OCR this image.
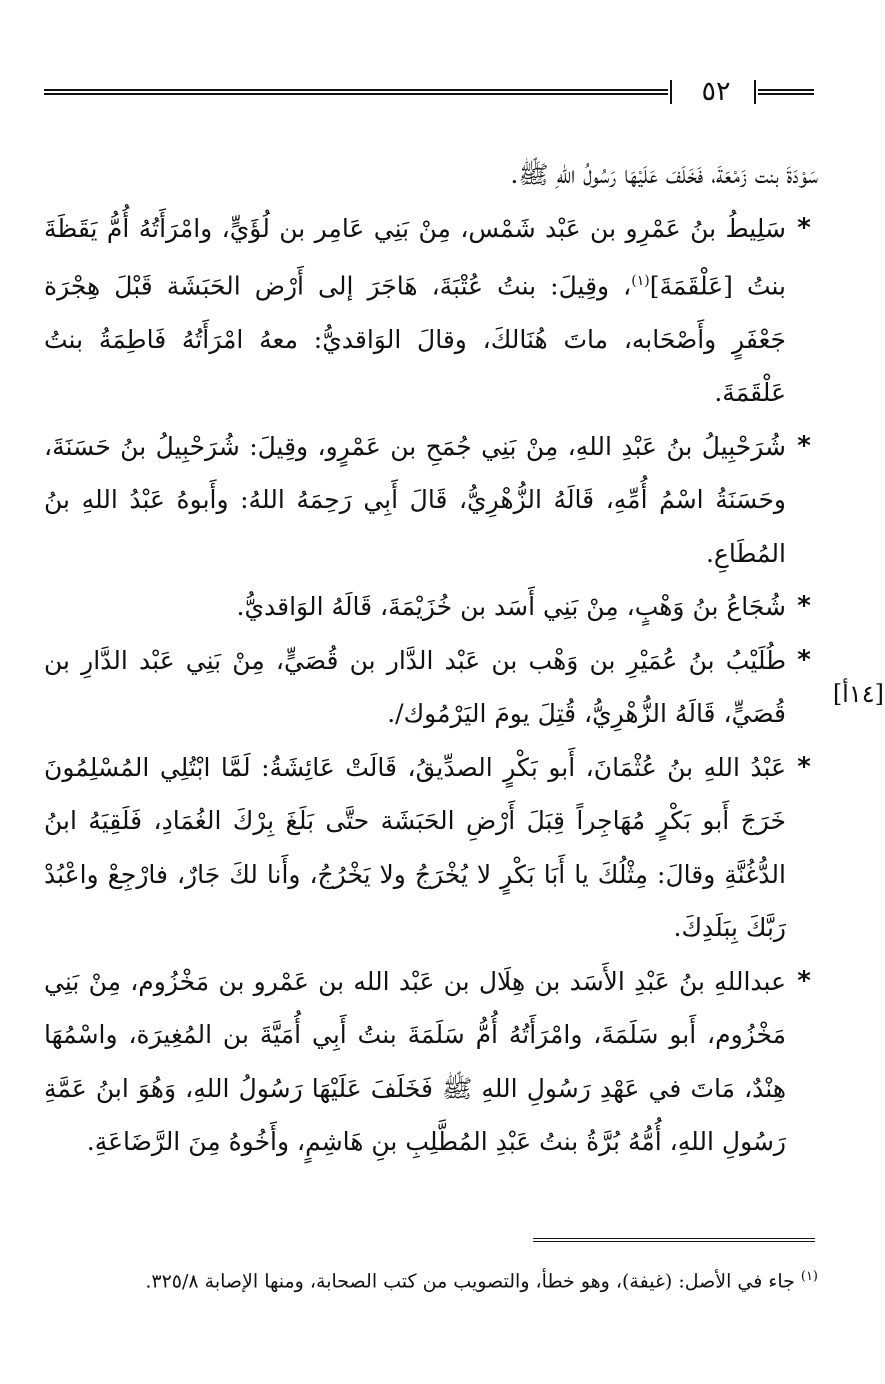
٥٢
[١٤أ]

سَوْدَةَ بنت زَمْعَةَ، فَخَلَفَ عَلَيْهَا رَسُولُ اللهِ ﷺ.

*

سَلِيطُ بنُ عَمْرِو بن عَبْد شَمْس، مِنْ بَنِي عَامِر بن لُؤَيٍّ، وامْرَأَتُهُ أُمُّ يَقَظَةَ بنتُ [عَلْقَمَةَ]$^{(١)}$، وقِيلَ: بنتُ عُتْبَةَ، هَاجَرَ إلى أَرْض الحَبَشَة قَبْلَ هِجْرَة جَعْفَرٍ وأَصْحَابه، ماتَ هُنَالكَ، وقالَ الوَاقديُّ: معهُ امْرَأَتُهُ فَاطِمَةُ بنتُ عَلْقَمَةَ.

*

شُرَحْبِيلُ بنُ عَبْدِ اللهِ، مِنْ بَنِي جُمَحِ بن عَمْرٍو، وقِيلَ: شُرَحْبِيلُ بنُ حَسَنَةَ، وحَسَنَةُ اسْمُ أُمِّهِ، قَالَهُ الزُّهْرِيُّ، قَالَ أَبِي رَحِمَهُ اللهُ: وأَبوهُ عَبْدُ اللهِ بنُ المُطَاعِ.

*

شُجَاعُ بنُ وَهْبٍ، مِنْ بَنِي أَسَد بن خُزَيْمَةَ، قَالَهُ الوَاقديُّ.

*

طُلَيْبُ بنُ عُمَيْرِ بن وَهْب بن عَبْد الدَّار بن قُصَيٍّ، مِنْ بَنِي عَبْد الدَّارِ بن قُصَيٍّ، قَالَهُ الزُّهْرِيُّ، قُتِلَ يومَ اليَرْمُوك/.

*

عَبْدُ اللهِ بنُ عُثْمَانَ، أَبو بَكْرٍ الصدِّيقُ، قَالَتْ عَائِشَةُ: لَمَّا ابْتُلِي المُسْلِمُونَ خَرَجَ أَبو بَكْرٍ مُهَاجِراً قِبَلَ أَرْضِ الحَبَشَة حتَّى بَلَغَ بِرْكَ الغُمَادِ، فَلَقِيَهُ ابنُ الدُّغُنَّةِ وقالَ: مِثْلُكَ يا أَبَا بَكْرٍ لا يُخْرَجُ ولا يَخْرُجُ، وأَنا لكَ جَارٌ، فارْجِعْ واعْبُدْ رَبَّكَ بِبَلَدِكَ.

*

عبداللهِ بنُ عَبْدِ الأَسَد بن هِلَال بن عَبْد الله بن عَمْرو بن مَخْزُوم، مِنْ بَنِي مَخْزُوم، أَبو سَلَمَةَ، وامْرَأَتُهُ أُمُّ سَلَمَةَ بنتُ أَبِي أُمَيَّةَ بن المُغِيرَة، واسْمُهَا هِنْدٌ، مَاتَ في عَهْدِ رَسُولِ اللهِ ﷺ فَخَلَفَ عَلَيْهَا رَسُولُ اللهِ، وَهُوَ ابنُ عَمَّةِ رَسُولِ اللهِ، أُمُّهُ بُرَّةُ بنتُ عَبْدِ المُطَّلِبِ بنِ هَاشِمٍ، وأَخُوهُ مِنَ الرَّضَاعَةِ.

$^{(١)}$جاء في الأصل: (غيفة)، وهو خطأ، والتصويب من كتب الصحابة، ومنها الإصابة ٣٢٥/٨.
